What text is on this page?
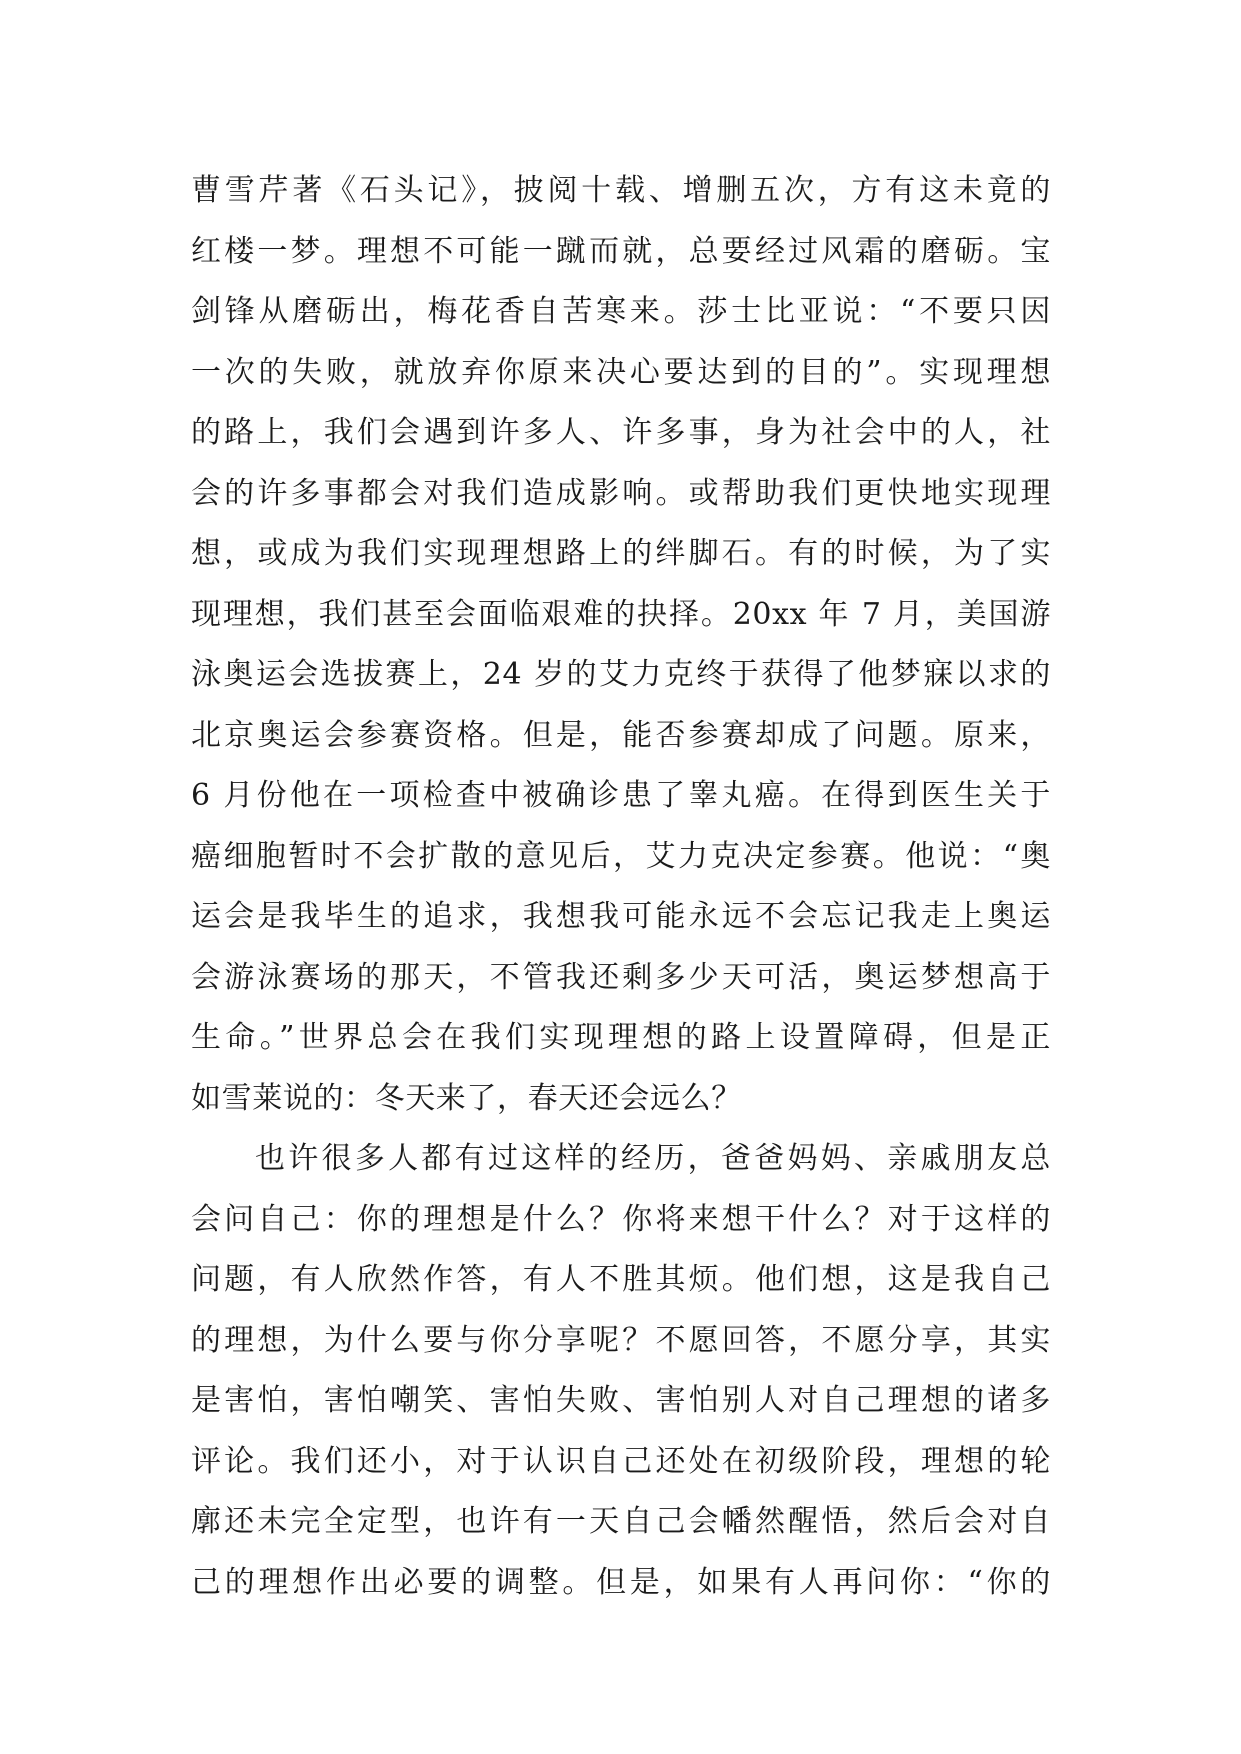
曹雪芹著《石头记》，披阅十载、增删五次，方有这未竟的
红楼一梦。理想不可能一蹴而就，总要经过风霜的磨砺。宝
剑锋从磨砺出，梅花香自苦寒来。莎士比亚说：“不要只因
一次的失败，就放弃你原来决心要达到的目的”。实现理想
的路上，我们会遇到许多人、许多事，身为社会中的人，社
会的许多事都会对我们造成影响。或帮助我们更快地实现理
想，或成为我们实现理想路上的绊脚石。有的时候，为了实
现理想，我们甚至会面临艰难的抉择。20xx 年 7 月，美国游
泳奥运会选拔赛上，24 岁的艾力克终于获得了他梦寐以求的
北京奥运会参赛资格。但是，能否参赛却成了问题。原来，
6 月份他在一项检查中被确诊患了睾丸癌。在得到医生关于
癌细胞暂时不会扩散的意见后，艾力克决定参赛。他说：“奥
运会是我毕生的追求，我想我可能永远不会忘记我走上奥运
会游泳赛场的那天，不管我还剩多少天可活，奥运梦想高于
生命。”世界总会在我们实现理想的路上设置障碍，但是正
如雪莱说的：冬天来了，春天还会远么？
也许很多人都有过这样的经历，爸爸妈妈、亲戚朋友总
会问自己：你的理想是什么？你将来想干什么？对于这样的
问题，有人欣然作答，有人不胜其烦。他们想，这是我自己
的理想，为什么要与你分享呢？不愿回答，不愿分享，其实
是害怕，害怕嘲笑、害怕失败、害怕别人对自己理想的诸多
评论。我们还小，对于认识自己还处在初级阶段，理想的轮
廓还未完全定型，也许有一天自己会幡然醒悟，然后会对自
己的理想作出必要的调整。但是，如果有人再问你：“你的
